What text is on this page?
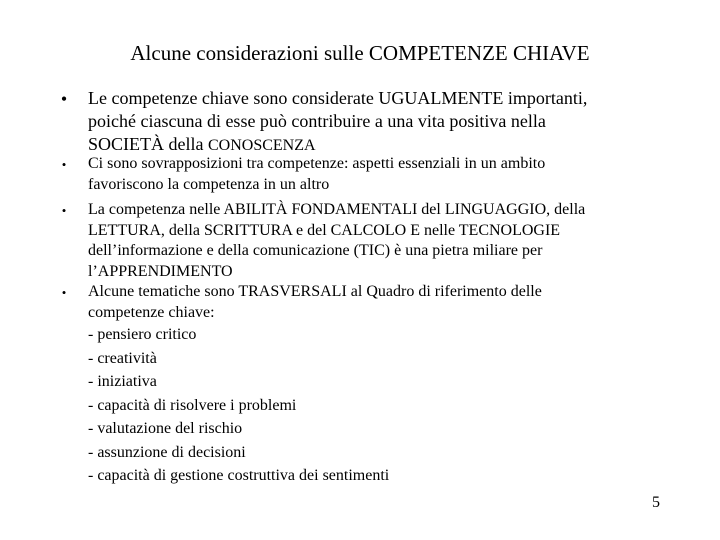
Alcune considerazioni sulle COMPETENZE CHIAVE
• Le competenze chiave sono considerate UGUALMENTE importanti,
poiché ciascuna di esse può contribuire a una vita positiva nella
SOCIETÀ della CONOSCENZA
•	Ci sono sovrapposizioni tra competenze: aspetti essenziali in un ambito
favoriscono la competenza in un altro
•	La competenza nelle ABILITÀ FONDAMENTALI del LINGUAGGIO, della
LETTURA, della SCRITTURA e del CALCOLO E nelle TECNOLOGIE
dell’informazione e della comunicazione (TIC) è una pietra miliare per
l’APPRENDIMENTO
•	Alcune tematiche sono TRASVERSALI al Quadro di riferimento delle
competenze chiave:
- pensiero critico
- creatività
- iniziativa
- capacità di risolvere i problemi
- valutazione del rischio
- assunzione di decisioni
- capacità di gestione costruttiva dei sentimenti
5
